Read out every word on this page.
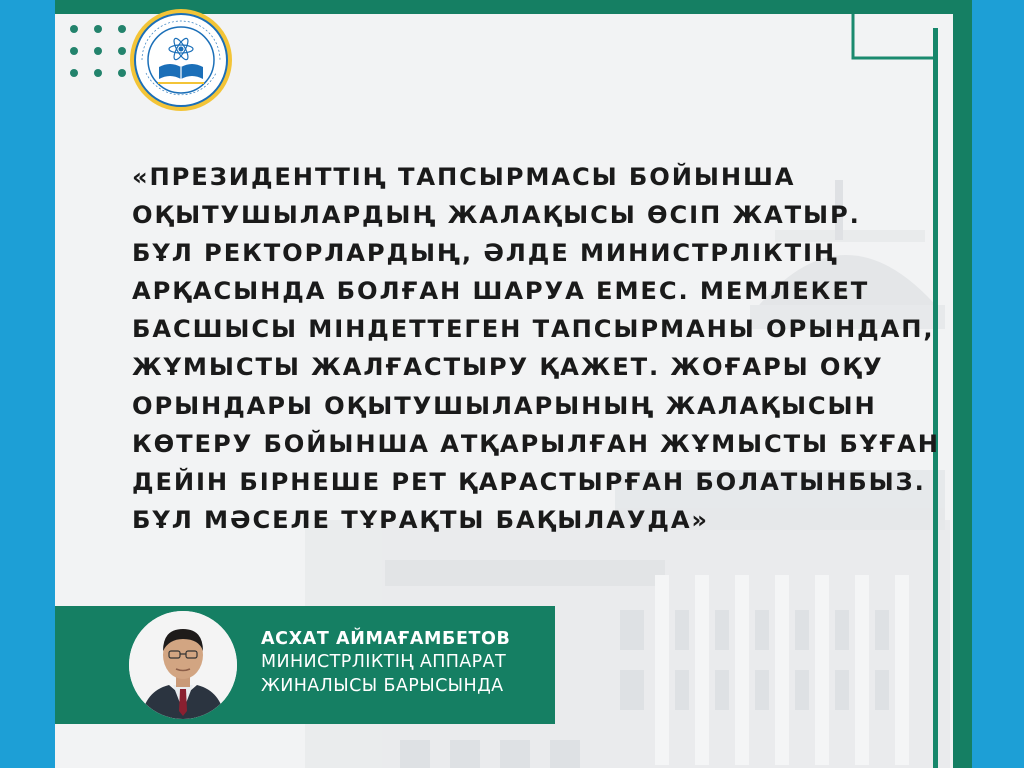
«ПРЕЗИДЕНТТІҢ ТАПСЫРМАСЫ БОЙЫНША
ОҚЫТУШЫЛАРДЫҢ ЖАЛАҚЫСЫ ӨСІП ЖАТЫР.
БҰЛ РЕКТОРЛАРДЫҢ, ӘЛДЕ МИНИСТРЛІКТІҢ
АРҚАСЫНДА БОЛҒАН ШАРУА ЕМЕС. МЕМЛЕКЕТ
БАСШЫСЫ МІНДЕТТЕГЕН ТАПСЫРМАНЫ ОРЫНДАП,
ЖҰМЫСТЫ ЖАЛҒАСТЫРУ ҚАЖЕТ. ЖОҒАРЫ ОҚУ
ОРЫНДАРЫ ОҚЫТУШЫЛАРЫНЫҢ ЖАЛАҚЫСЫН
КӨТЕРУ БОЙЫНША АТҚАРЫЛҒАН ЖҰМЫСТЫ БҰҒАН
ДЕЙІН БІРНЕШЕ РЕТ ҚАРАСТЫРҒАН БОЛАТЫНБЫЗ.
БҰЛ МӘСЕЛЕ ТҰРАҚТЫ БАҚЫЛАУДА»

АСХАТ АЙМАҒАМБЕТОВ
МИНИСТРЛІКТІҢ АППАРАТ
ЖИНАЛЫСЫ БАРЫСЫНДА
